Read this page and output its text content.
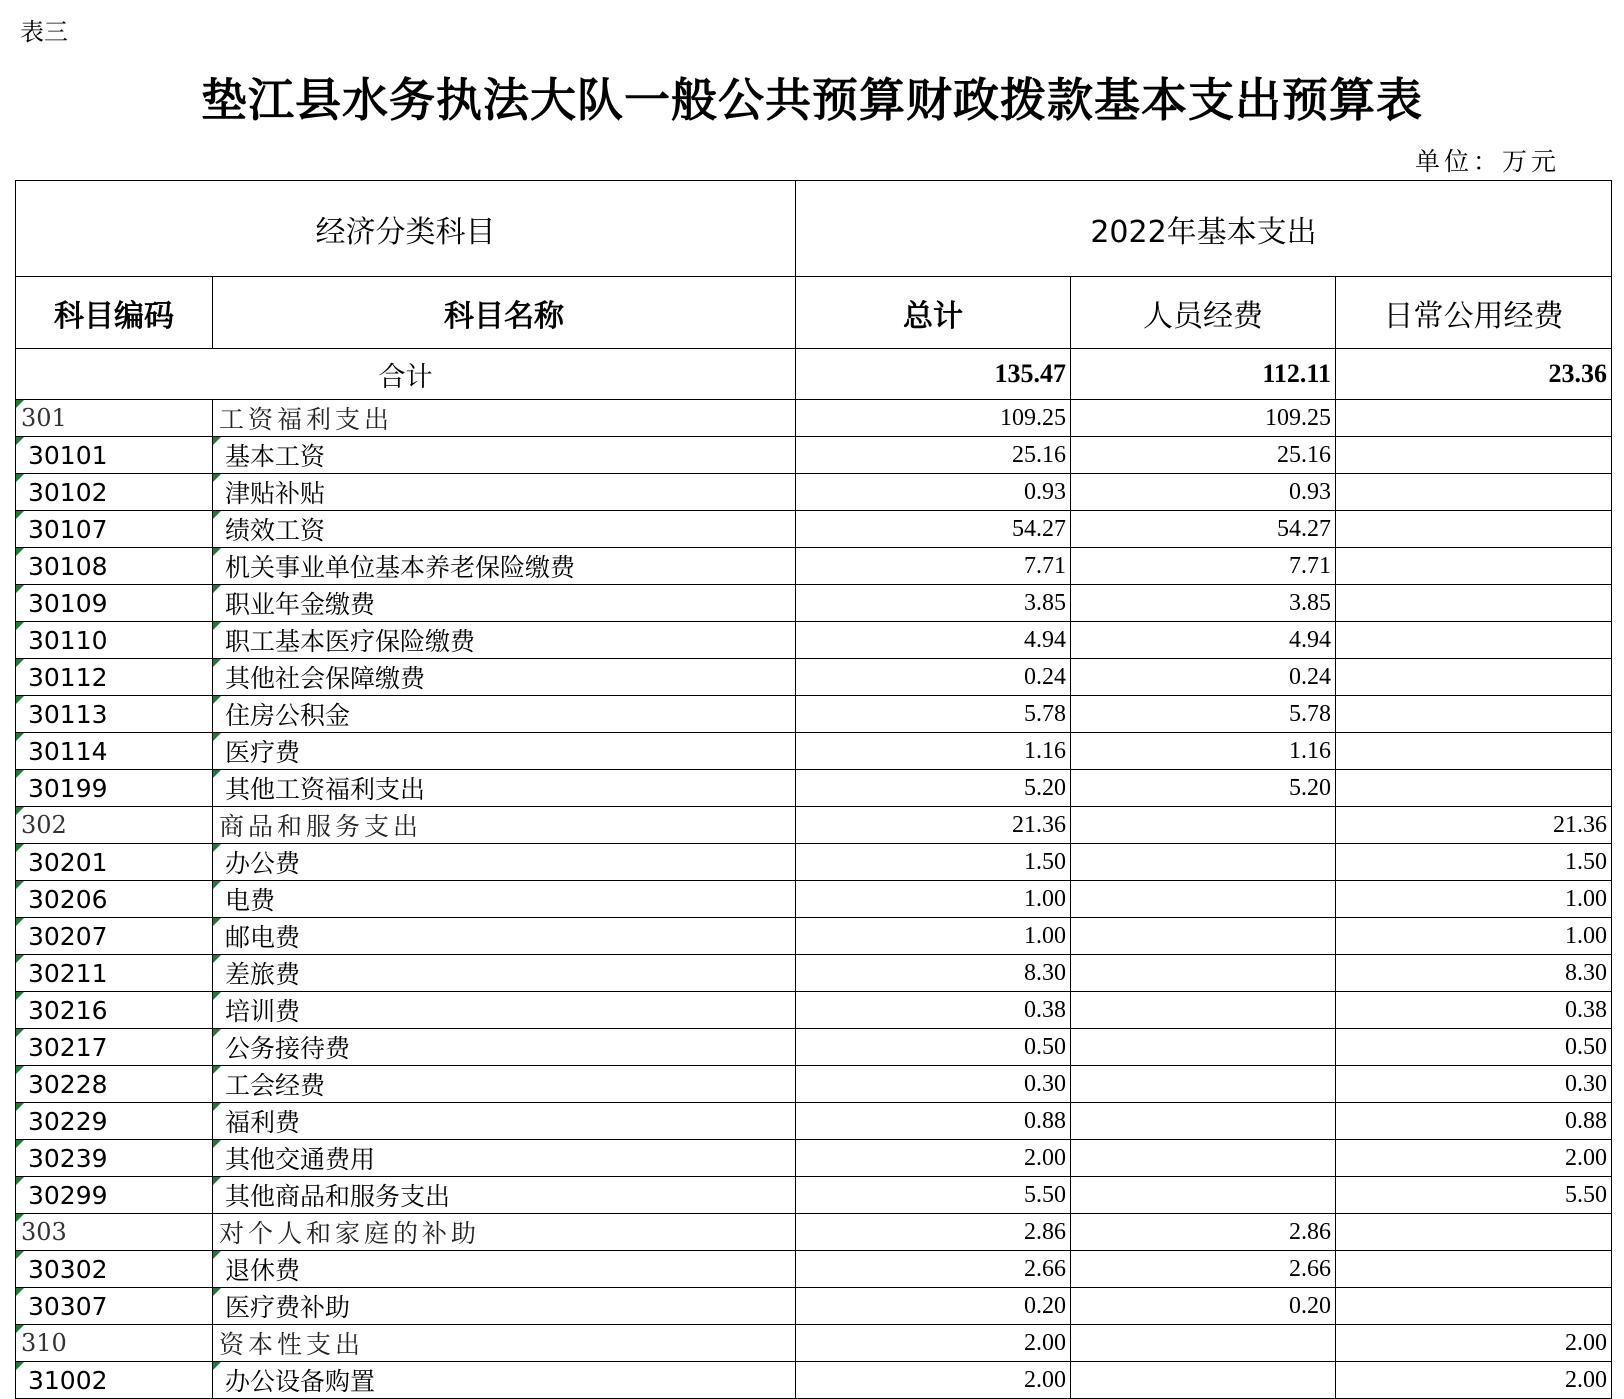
表三
垫江县水务执法大队一般公共预算财政拨款基本支出预算表
单位：万元
经济分类科目		2022年基本支出		
科目编码	科目名称	总计	人员经费	日常公用经费
合计		135.47	112.11	23.36
301	工资福利支出	109.25	109.25	
30101	基本工资	25.16	25.16	
30102	津贴补贴	0.93	0.93	
30107	绩效工资	54.27	54.27	
30108	机关事业单位基本养老保险缴费	7.71	7.71	
30109	职业年金缴费	3.85	3.85	
30110	职工基本医疗保险缴费	4.94	4.94	
30112	其他社会保障缴费	0.24	0.24	
30113	住房公积金	5.78	5.78	
30114	医疗费	1.16	1.16	
30199	其他工资福利支出	5.20	5.20	
302	商品和服务支出	21.36		21.36
30201	办公费	1.50		1.50
30206	电费	1.00		1.00
30207	邮电费	1.00		1.00
30211	差旅费	8.30		8.30
30216	培训费	0.38		0.38
30217	公务接待费	0.50		0.50
30228	工会经费	0.30		0.30
30229	福利费	0.88		0.88
30239	其他交通费用	2.00		2.00
30299	其他商品和服务支出	5.50		5.50
303	对个人和家庭的补助	2.86	2.86	
30302	退休费	2.66	2.66	
30307	医疗费补助	0.20	0.20	
310	资本性支出	2.00		2.00
31002	办公设备购置	2.00		2.00
